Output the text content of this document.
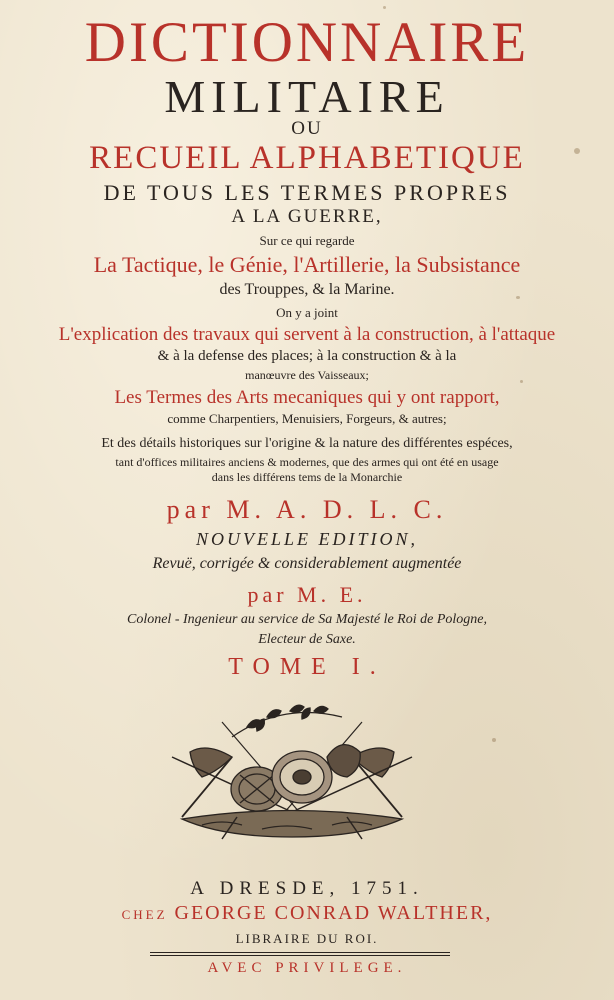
DICTIONNAIRE
MILITAIRE
OU
RECUEIL ALPHABETIQUE
DE TOUS LES TERMES PROPRES
A LA GUERRE,
Sur ce qui regarde
La Tactique, le Génie, l'Artillerie, la Subsistance
des Trouppes, & la Marine.
On y a joint
L'explication des travaux qui servent à la construction, à l'attaque
& à la defense des places; à la construction & à la
manœuvre des Vaisseaux;
Les Termes des Arts mecaniques qui y ont rapport,
comme Charpentiers, Menuisiers, Forgeurs, & autres;
Et des détails historiques sur l'origine & la nature des différentes espéces,
tant d'offices militaires anciens & modernes, que des armes qui ont été en usage
dans les différens tems de la Monarchie
par M. A. D. L. C.
NOUVELLE EDITION,
Revuë, corrigée & considerablement augmentée
par M. E.
Colonel - Ingenieur au service de Sa Majesté le Roi de Pologne,
Electeur de Saxe.
TOME I.
A DRESDE, 1751.
CHEZ GEORGE CONRAD WALTHER,
LIBRAIRE DU ROI.
AVEC PRIVILEGE.
